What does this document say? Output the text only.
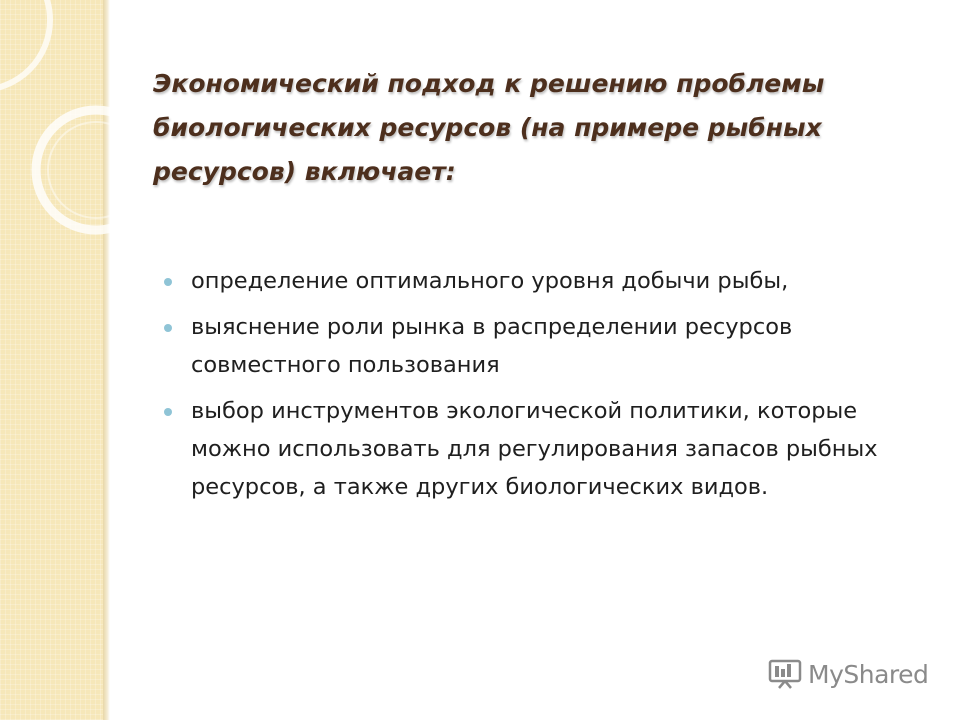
Экономический подход к решению проблемы биологических ресурсов (на примере рыбных ресурсов) включает:
определение оптимального уровня добычи рыбы,
выяснение роли рынка в распределении ресурсов совместного пользования
выбор инструментов экологической политики, которые можно использовать для регулирования запасов рыбных ресурсов, а также других биологических видов.
MyShared
